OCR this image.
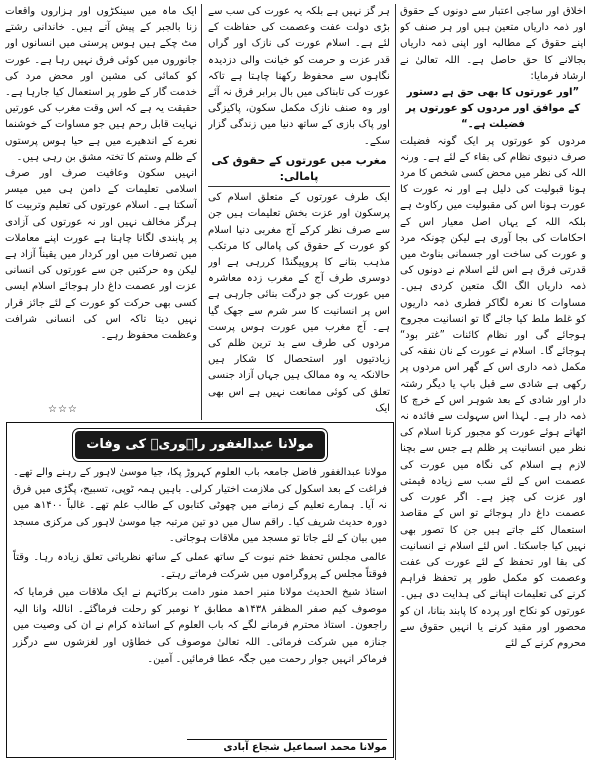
اخلاق اور ساجی اعتبار سے دونوں کے حقوق اور ذمہ داریاں متعین ہیں اور ہر صنف کو اپنے حقوق کے مطالبہ اور اپنی ذمہ داریاں بجالانے کا حق حاصل ہے۔ اللہ تعالیٰ نے ارشاد فرمایا:

”اور عورتوں کا بھی حق ہے دستور کے موافق اور مردوں کو عورتوں پر فضیلت ہے۔“

مردوں کو عورتوں پر ایک گونہ فضیلت صرف دنیوی نظام کی بقاء کے لئے ہے۔ ورنہ اللہ کی نظر میں محض کسی شخص کا مرد ہونا قبولیت کی دلیل ہے اور نہ عورت کا عورت ہونا اس کی مقبولیت میں رکاوٹ ہے بلکہ اللہ کے یہاں اصل معیار اس کے احکامات کی بجا آوری ہے لیکن چونکہ مرد و عورت کی ساخت اور جسمانی بناوٹ میں قدرتی فرق ہے اس لئے اسلام نے دونوں کی ذمہ داریاں الگ الگ متعین کردی ہیں۔ مساوات کا نعرہ لگاکر فطری ذمہ داریوں کو غلط ملط کیا جائے گا تو انسانیت مجروح ہوجائے گی اور نظام کائنات ”غتر بود“ ہوجائے گا۔ اسلام نے عورت کے نان نفقہ کی مکمل ذمہ داری اس کے گھر اس مردوں پر رکھی ہے شادی سے قبل باپ یا دیگر رشتہ دار اور شادی کے بعد شوہر اس کے خرچ کا ذمہ دار ہے۔ لہذا اس سہولت سے فائدہ نہ اٹھاتے ہوئے عورت کو مجبور کرنا اسلام کی نظر میں انسانیت پر ظلم ہے جس سے بچنا لازم ہے اسلام کی نگاہ میں عورت کی عصمت اس کے لئے سب سے زیادہ قیمتی اور عزت کی چیز ہے۔ اگر عورت کی عصمت داغ دار ہوجائے تو اس کے مقاصد استعمال کئے جاتے ہیں جن کا تصور بھی نہیں کیا جاسکتا۔ اس لئے اسلام نے انسانیت کی بقا اور تحفظ کے لئے عورت کی عفت وعصمت کو مکمل طور پر تحفظ فراہم کرنے کی تعلیمات اپنانے کی ہدایت دی ہیں۔ عورتوں کو نکاح اور پردہ کا پابند بنانا، ان کو محصور اور مقید کرنے یا انہیں حقوق سے محروم کرنے کے لئے

ہر گز نہیں ہے بلکہ یہ عورت کی سب سے بڑی دولت عفت وعصمت کی حفاظت کے لئے ہے۔ اسلام عورت کی نازک اور گراں قدر عزت و حرمت کو خیانت والی دزدیدہ نگاہوں سے محفوظ رکھنا چاہتا ہے تاکہ عورت کی تابناکی میں بال برابر فرق نہ آئے اور وہ صنف نازک مکمل سکون، پاکیزگی اور پاک بازی کے ساتھ دنیا میں زندگی گزار سکے۔

مغرب میں عورتوں کے حقوق کی پامالی:

ایک طرف عورتوں کے متعلق اسلام کی پرسکون اور عزت بخش تعلیمات ہیں جن سے صرف نظر کرکے آج مغربی دنیا اسلام کو عورت کے حقوق کی پامالی کا مرتکب مذہب بتانے کا پروپیگنڈا کررہی ہے اور دوسری طرف آج کے مغرب زدہ معاشرہ میں عورت کی جو درگت بنائی جارہی ہے اس پر انسانیت کا سر شرم سے جھک گیا ہے۔ آج مغرب میں عورت ہوس پرست مردوں کی طرف سے بد ترین ظلم کی زیادتیوں اور استحصال کا شکار ہیں حالانکہ یہ وہ ممالک ہیں جہاں آزاد جنسی تعلق کی کوئی ممانعت نہیں ہے اس بھی ایک

ایک ماہ میں سینکڑوں اور ہزاروں واقعات زنا بالجبر کے پیش آتے ہیں۔ خاندانی رشتے مٹ چکے ہیں ہوس پرستی میں انسانوں اور جانوروں میں کوئی فرق نہیں رہا ہے۔ عورت کو کمائی کی مشین اور محض مرد کی خدمت گار کے طور پر استعمال کیا جارہا ہے۔ حقیقت یہ ہے کہ اس وقت مغرب کی عورتیں نہایت قابل رحم ہیں جو مساوات کے خوشنما نعرے کے اندھیرے میں ہے حیا ہوس پرستوں کے ظلم وستم کا تختہ مشق بن رہی ہیں۔

انہیں سکون وعافیت صرف اور صرف اسلامی تعلیمات کے دامن ہی میں میسر آسکتا ہے۔ اسلام عورتوں کی تعلیم وتربیت کا ہرگز مخالف نہیں اور نہ عورتوں کی آزادی پر پابندی لگانا چاہتا ہے عورت اپنے معاملات میں تصرفات میں اور کردار میں یقیناً آزاد ہے لیکن وہ حرکتیں جن سے عورتوں کی انسانی عزت اور عصمت داغ دار ہوجائے اسلام ایسی کسی بھی حرکت کو عورت کے لئے جائز قرار نہیں دیتا تاکہ اس کی انسانی شرافت وعظمت محفوظ رہے۔

☆☆☆
مولانا عبدالغفور راہوریؒ کی وفات

مولانا عبدالغفور فاضل جامعہ باب العلوم کہروڑ پکا، جیا موسیٰ لاہور کے رہنے والے تھے۔ فراغت کے بعد اسکول کی ملازمت اختیار کرلی۔ باہیں ہمہ ٹوپی، تسبیح، پگڑی میں فرق نہ آیا۔ ہمارے تعلیم کے زمانے میں چھوٹی کتابوں کے طالب علم تھے۔ غالباً ۱۴۰۰ھ میں دورہ حدیث شریف کیا۔ راقم سال میں دو تین مرتبہ جیا موسیٰ لاہور کی مرکزی مسجد میں بیان کے لئے جاتا تو مسجد میں ملاقات ہوجاتی۔

عالمی مجلس تحفظ ختم نبوت کے ساتھ عملی کے ساتھ نظریاتی تعلق زیادہ رہا۔ وقتاً فوقتاً مجلس کے پروگراموں میں شرکت فرماتے رہتے۔

استاذ شیخ الحدیث مولانا منیر احمد منور دامت برکاتہم نے ایک ملاقات میں فرمایا کہ موصوف کیم صفر المظفر ۱۴۳۸ھ مطابق ۲ نومبر کو رحلت فرماگئے۔ اناللہ وانا الیہ راجعون۔ استاذ محترم فرمانے لگے کہ باب العلوم کے اساتذہ کرام نے ان کی وصیت میں جنازہ میں شرکت فرمائی۔ اللہ تعالیٰ موصوف کی خطاؤں اور لغزشوں سے درگزر فرماکر انہیں جوار رحمت میں جگہ عطا فرمائیں۔ آمین۔

مولانا محمد اسماعیل شجاع آبادی
